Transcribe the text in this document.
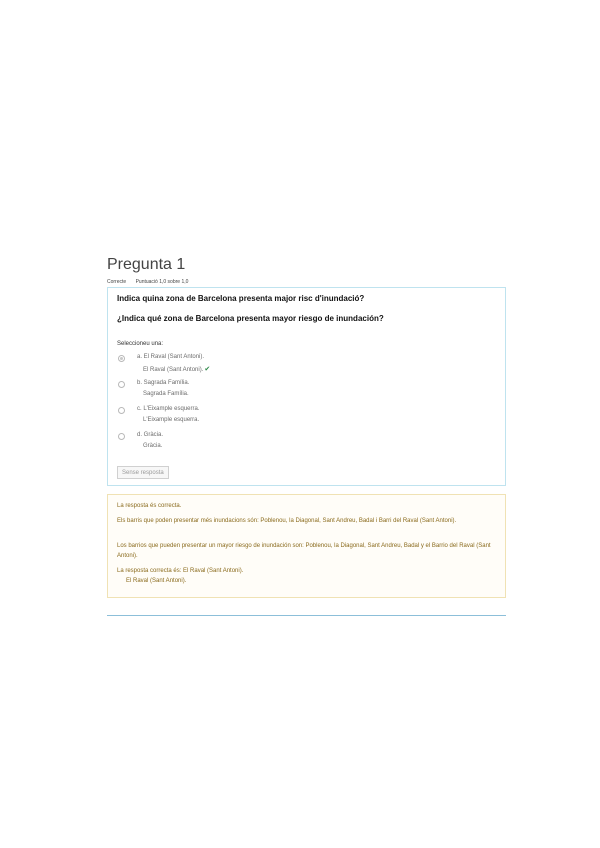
Pregunta 1
Correcte Puntuació 1,0 sobre 1,0
Indica quina zona de Barcelona presenta major risc d'inundació?
¿Indica qué zona de Barcelona presenta mayor riesgo de inundación?
Seleccioneu una:
a. El Raval (Sant Antoni).
El Raval (Sant Antoni).✔
b. Sagrada Família.
Sagrada Família.
c. L'Eixample esquerra.
L'Eixample esquerra.
d. Gràcia.
Gràcia.
Sense resposta
La resposta és correcta.
Els barris que poden presentar més inundacions són: Poblenou, la Diagonal, Sant Andreu, Badal i Barri del Raval (Sant Antoni).
Los barrios que pueden presentar un mayor riesgo de inundación son: Poblenou, la Diagonal, Sant Andreu, Badal y el Barrio del Raval (Sant Antoni).
La resposta correcta és: El Raval (Sant Antoni).
El Raval (Sant Antoni).
